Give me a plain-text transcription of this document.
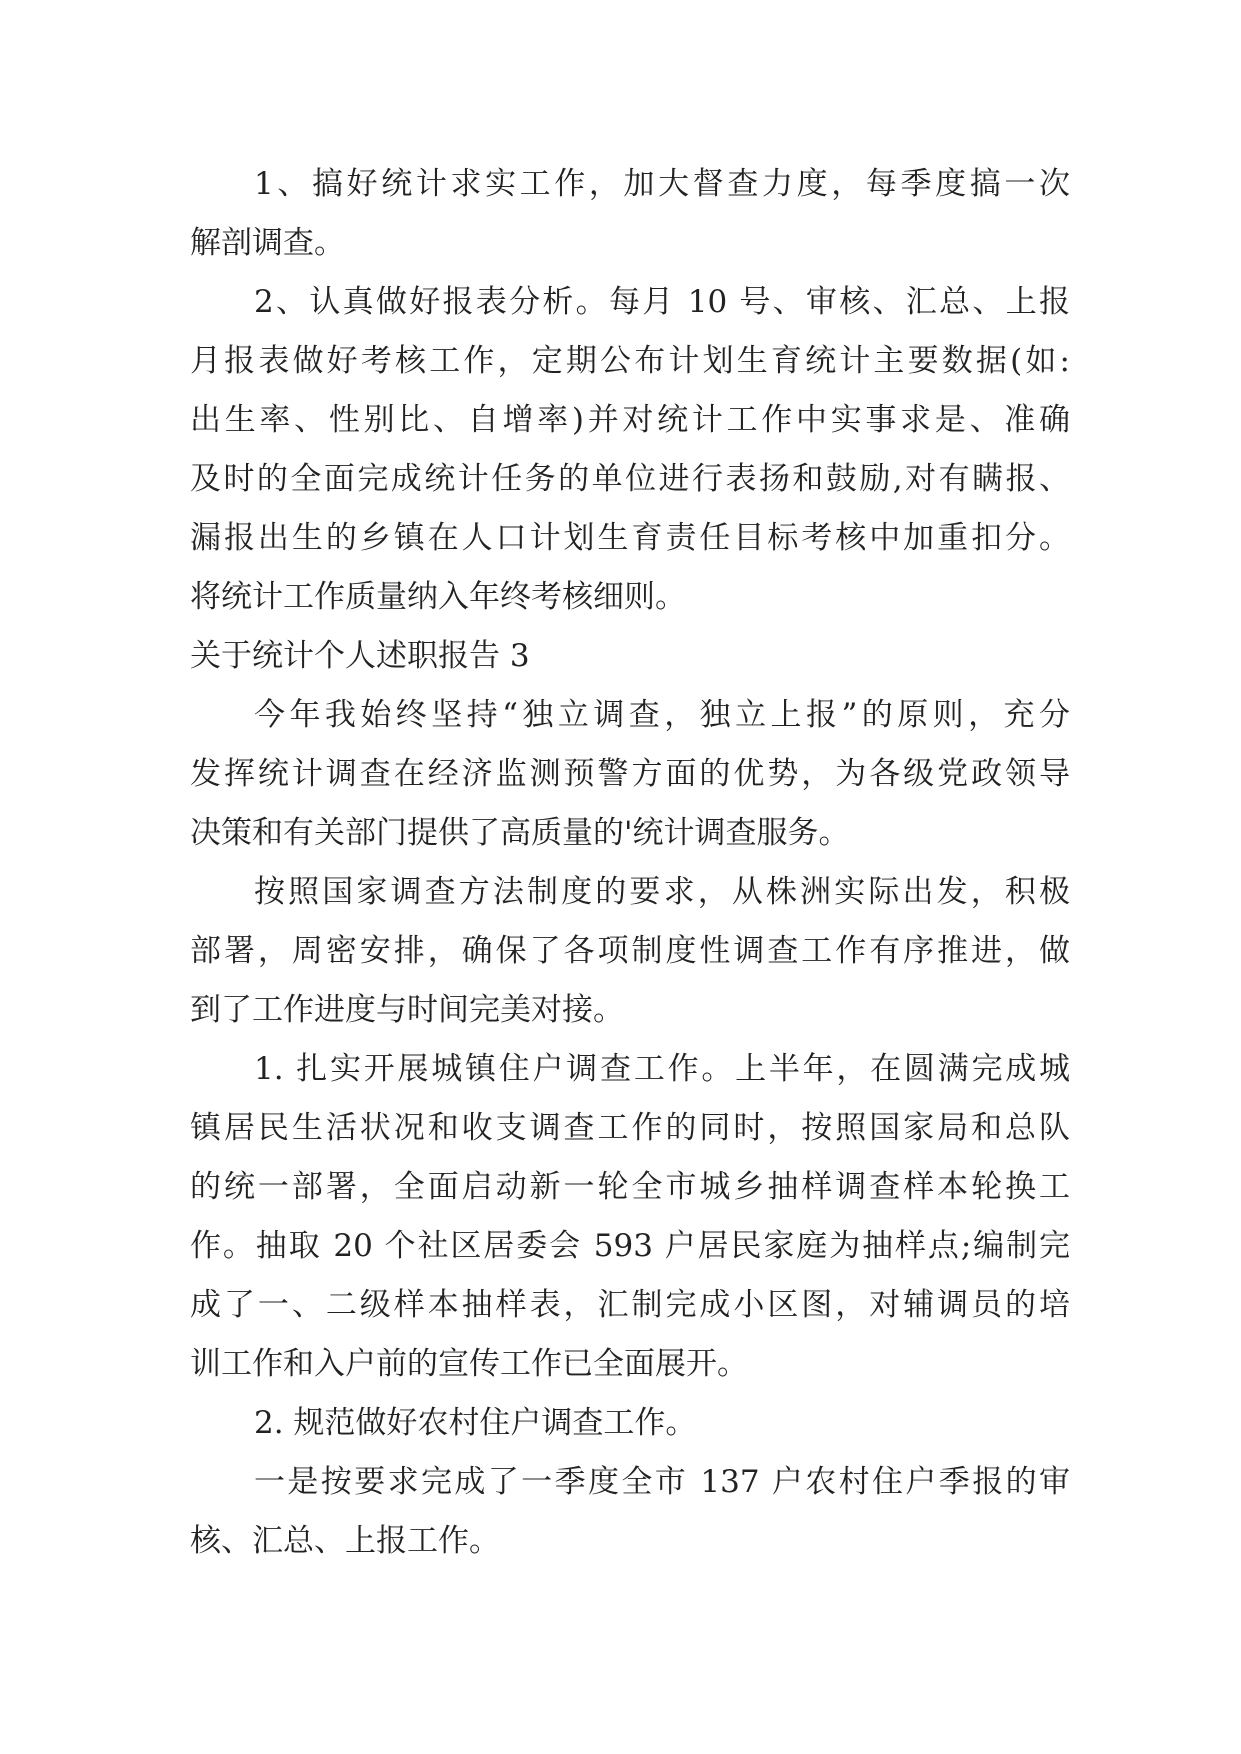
1、搞好统计求实工作，加大督查力度，每季度搞一次
解剖调查。
2、认真做好报表分析。每月 10 号、审核、汇总、上报
月报表做好考核工作，定期公布计划生育统计主要数据(如:
出生率、性别比、自增率)并对统计工作中实事求是、准确
及时的全面完成统计任务的单位进行表扬和鼓励,对有瞒报、
漏报出生的乡镇在人口计划生育责任目标考核中加重扣分。
将统计工作质量纳入年终考核细则。
关于统计个人述职报告 3
今年我始终坚持“独立调查，独立上报”的原则，充分
发挥统计调查在经济监测预警方面的优势，为各级党政领导
决策和有关部门提供了高质量的'统计调查服务。
按照国家调查方法制度的要求，从株洲实际出发，积极
部署，周密安排，确保了各项制度性调查工作有序推进，做
到了工作进度与时间完美对接。
1. 扎实开展城镇住户调查工作。上半年，在圆满完成城
镇居民生活状况和收支调查工作的同时，按照国家局和总队
的统一部署，全面启动新一轮全市城乡抽样调查样本轮换工
作。抽取 20 个社区居委会 593 户居民家庭为抽样点;编制完
成了一、二级样本抽样表，汇制完成小区图，对辅调员的培
训工作和入户前的宣传工作已全面展开。
2. 规范做好农村住户调查工作。
一是按要求完成了一季度全市 137 户农村住户季报的审
核、汇总、上报工作。
